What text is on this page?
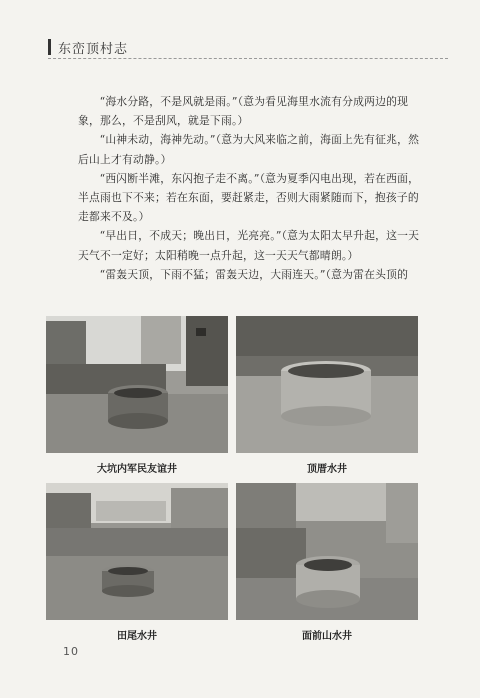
东峦顶村志

“海水分路，不是风就是雨。”（意为看见海里水流有分成两边的现象，那么，不是刮风，就是下雨。）

“山神未动，海神先动。”（意为大风来临之前，海面上先有征兆，然后山上才有动静。）

“西闪断半滩，东闪抱子走不离。”（意为夏季闪电出现，若在西面，半点雨也下不来；若在东面，要赶紧走，否则大雨紧随而下，抱孩子的走都来不及。）

“早出日，不成天；晚出日，光亮亮。”（意为太阳太早升起，这一天天气不一定好；太阳稍晚一点升起，这一天天气都晴朗。）

“雷轰天顶，下雨不猛；雷轰天边，大雨连天。”（意为雷在头顶的

大坑内军民友谊井	顶厝水井
田尾水井	面前山水井
10
